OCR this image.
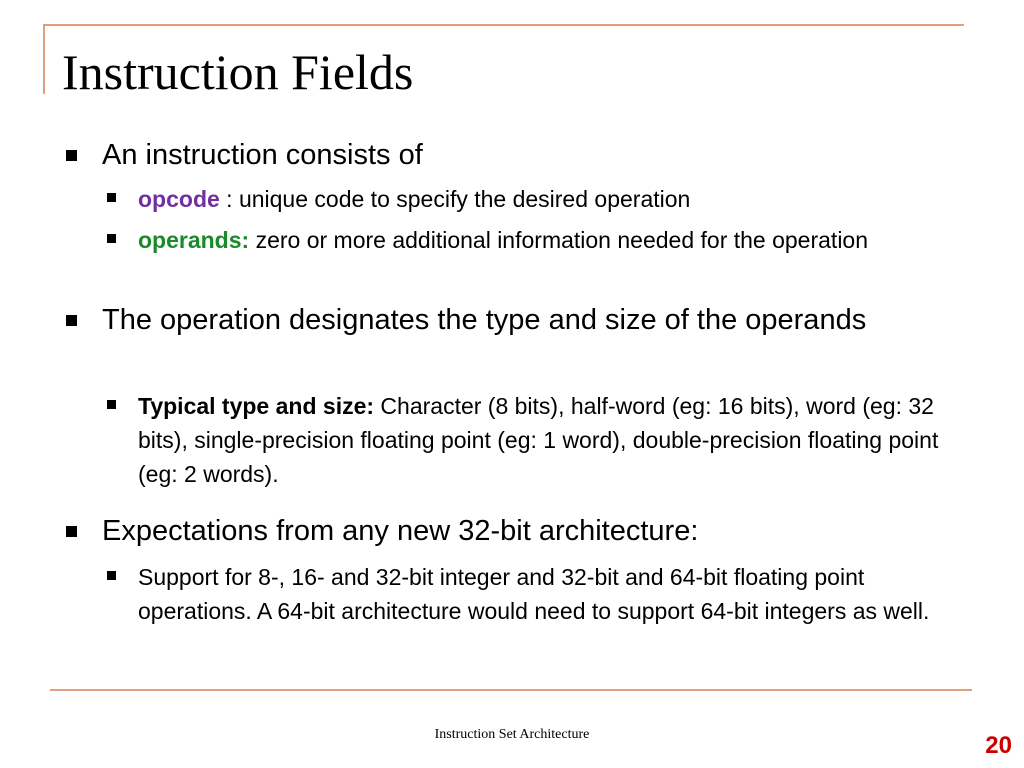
Instruction Fields
An instruction consists of
opcode : unique code to specify the desired operation
operands: zero or more additional information needed for the operation
The operation designates the type and size of the operands
Typical type and size: Character (8 bits), half-word (eg: 16 bits), word (eg: 32 bits), single-precision floating point (eg: 1 word), double-precision floating point (eg: 2 words).
Expectations from any new 32-bit architecture:
Support for 8-, 16- and 32-bit integer and 32-bit and 64-bit floating point operations. A 64-bit architecture would need to support 64-bit integers as well.
Instruction Set Architecture	20
